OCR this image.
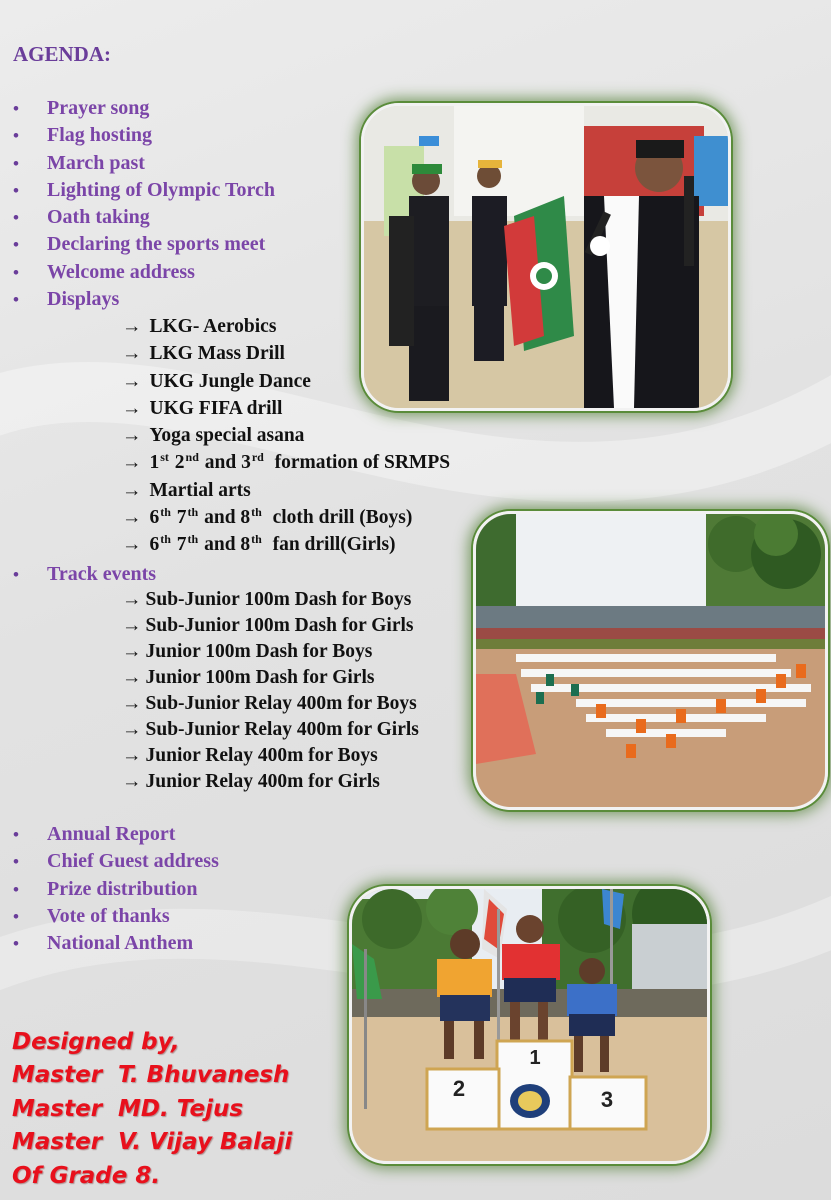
AGENDA:
• Prayer song
• Flag hosting
• March past
• Lighting of Olympic Torch
• Oath taking
• Declaring the sports meet
• Welcome address
• Displays
→ LKG- Aerobics
→ LKG Mass Drill
→ UKG Jungle Dance
→ UKG FIFA drill
→ Yoga special asana
→ 1st 2nd and 3rd  formation of SRMPS
→ Martial arts
→ 6th 7th and 8th  cloth drill (Boys)
→ 6th 7th and 8th  fan drill(Girls)
• Track events
→ Sub-Junior 100m Dash for Boys
→ Sub-Junior 100m Dash for Girls
→ Junior 100m Dash for Boys
→ Junior 100m Dash for Girls
→ Sub-Junior Relay 400m for Boys
→ Sub-Junior Relay 400m for Girls
→ Junior Relay 400m for Boys
→ Junior Relay 400m for Girls
• Annual Report
• Chief Guest address
• Prize distribution
• Vote of thanks
• National Anthem
1
2	3
Designed by,
Master  T. Bhuvanesh
Master  MD. Tejus
Master  V. Vijay Balaji
Of Grade 8.
